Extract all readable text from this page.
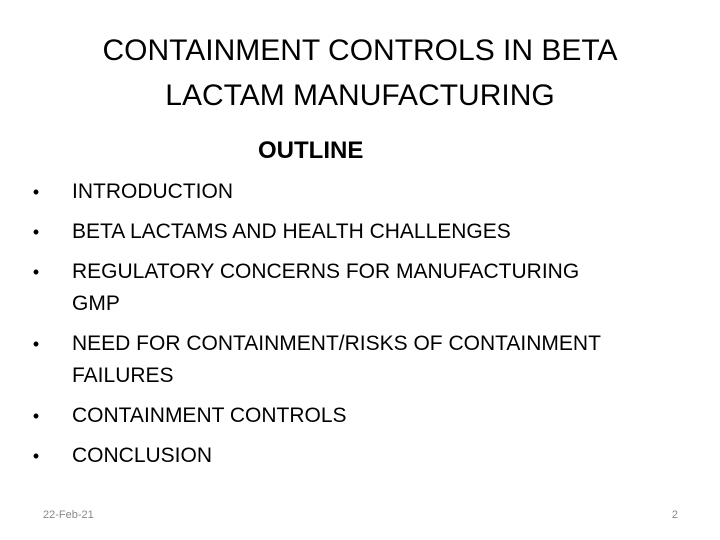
CONTAINMENT CONTROLS IN BETA
LACTAM MANUFACTURING
OUTLINE
• INTRODUCTION
• BETA LACTAMS AND HEALTH CHALLENGES
• REGULATORY CONCERNS FOR MANUFACTURING
GMP
• NEED FOR CONTAINMENT/RISKS OF CONTAINMENT
FAILURES
• CONTAINMENT CONTROLS
• CONCLUSION
22-Feb-21	2
